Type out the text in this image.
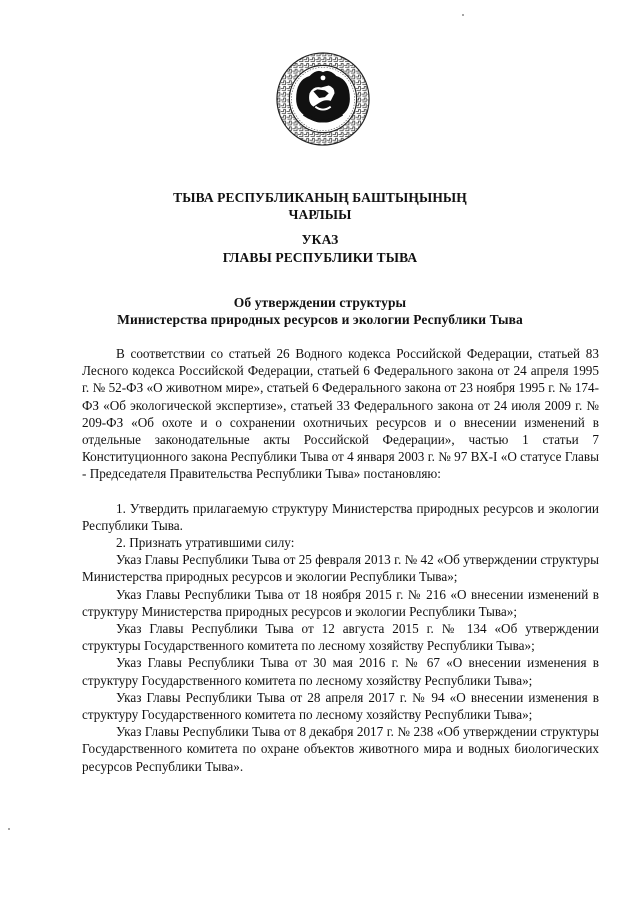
ТЫВА РЕСПУБЛИКАНЫҢ БАШТЫҢЫНЫҢ
ЧАРЛЫЫ
УКАЗ
ГЛАВЫ РЕСПУБЛИКИ ТЫВА
Об утверждении структуры
Министерства природных ресурсов и экологии Республики Тыва

В соответствии со статьей 26 Водного кодекса Российской Федерации, статьей 83 Лесного кодекса Российской Федерации, статьей 6 Федерального закона от 24 апреля 1995 г. № 52-ФЗ «О животном мире», статьей 6 Федерального закона от 23 ноября 1995 г. № 174-ФЗ «Об экологической экспертизе», статьей 33 Федерального закона от 24 июля 2009 г. № 209-ФЗ «Об охоте и о сохранении охотничьих ресурсов и о внесении изменений в отдельные законодательные акты Российской Федерации», частью 1 статьи 7 Конституционного закона Республики Тыва от 4 января 2003 г. № 97 ВХ-I «О статусе Главы - Председателя Правительства Республики Тыва» постановляю:

1. Утвердить прилагаемую структуру Министерства природных ресурсов и экологии Республики Тыва.

2. Признать утратившими силу:

Указ Главы Республики Тыва от 25 февраля 2013 г. № 42 «Об утверждении структуры Министерства природных ресурсов и экологии Республики Тыва»;

Указ Главы Республики Тыва от 18 ноября 2015 г. № 216 «О внесении изменений в структуру Министерства природных ресурсов и экологии Республики Тыва»;

Указ Главы Республики Тыва от 12 августа 2015 г. № 134 «Об утверждении структуры Государственного комитета по лесному хозяйству Республики Тыва»;

Указ Главы Республики Тыва от 30 мая 2016 г. № 67 «О внесении изменения в структуру Государственного комитета по лесному хозяйству Республики Тыва»;

Указ Главы Республики Тыва от 28 апреля 2017 г. № 94 «О внесении изменения в структуру Государственного комитета по лесному хозяйству Республики Тыва»;

Указ Главы Республики Тыва от 8 декабря 2017 г. № 238 «Об утверждении структуры Государственного комитета по охране объектов животного мира и водных биологических ресурсов Республики Тыва».
